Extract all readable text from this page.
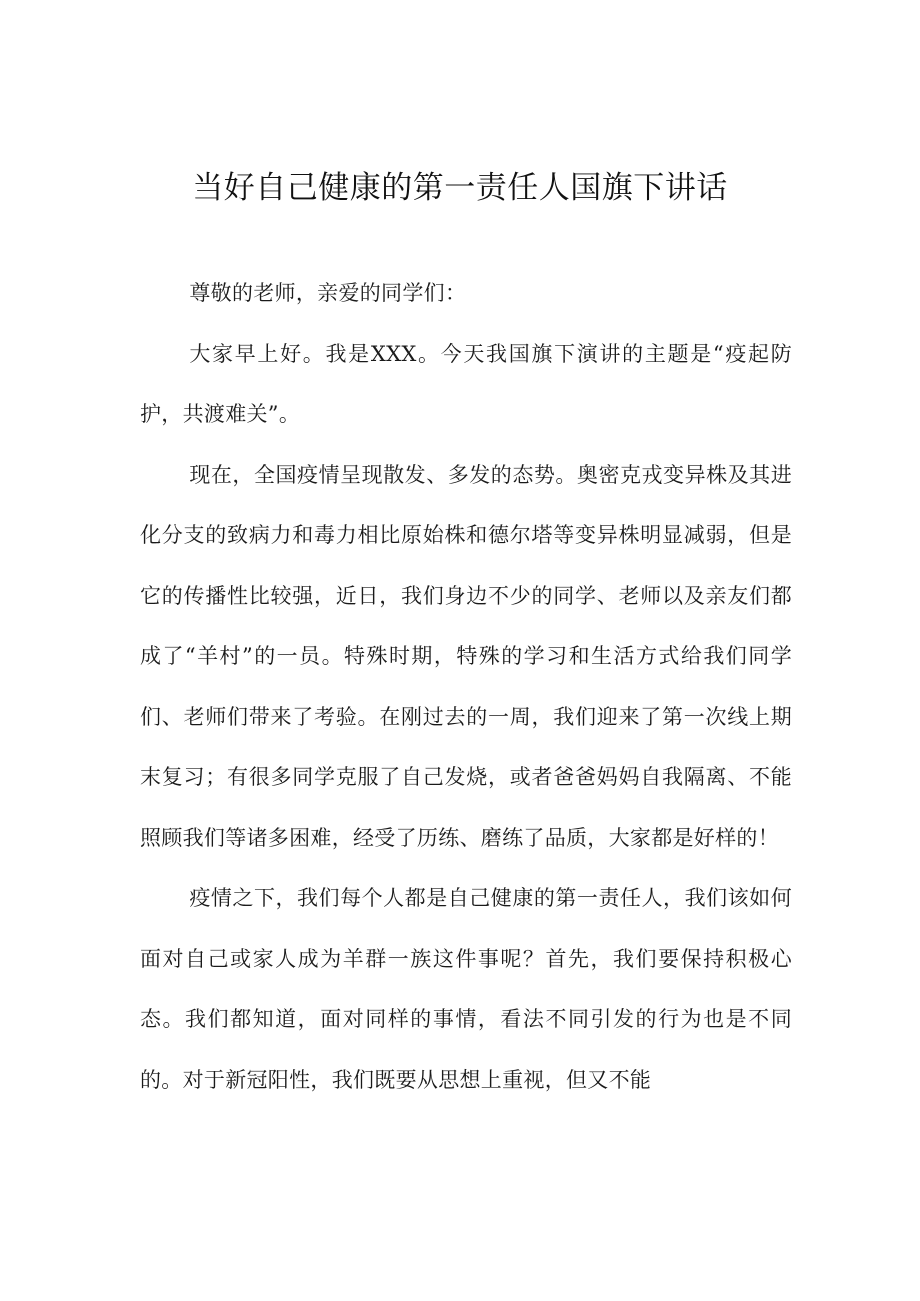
当好自己健康的第一责任人国旗下讲话

尊敬的老师，亲爱的同学们：

大家早上好。我是XXX。今天我国旗下演讲的主题是“疫起防护，共渡难关”。

现在，全国疫情呈现散发、多发的态势。奥密克戎变异株及其进化分支的致病力和毒力相比原始株和德尔塔等变异株明显减弱，但是它的传播性比较强，近日，我们身边不少的同学、老师以及亲友们都成了“羊村”的一员。特殊时期，特殊的学习和生活方式给我们同学们、老师们带来了考验。在刚过去的一周，我们迎来了第一次线上期末复习；有很多同学克服了自己发烧，或者爸爸妈妈自我隔离、不能照顾我们等诸多困难，经受了历练、磨练了品质，大家都是好样的！

疫情之下，我们每个人都是自己健康的第一责任人，我们该如何面对自己或家人成为羊群一族这件事呢？首先，我们要保持积极心态。我们都知道，面对同样的事情，看法不同引发的行为也是不同的。对于新冠阳性，我们既要从思想上重视，但又不能
